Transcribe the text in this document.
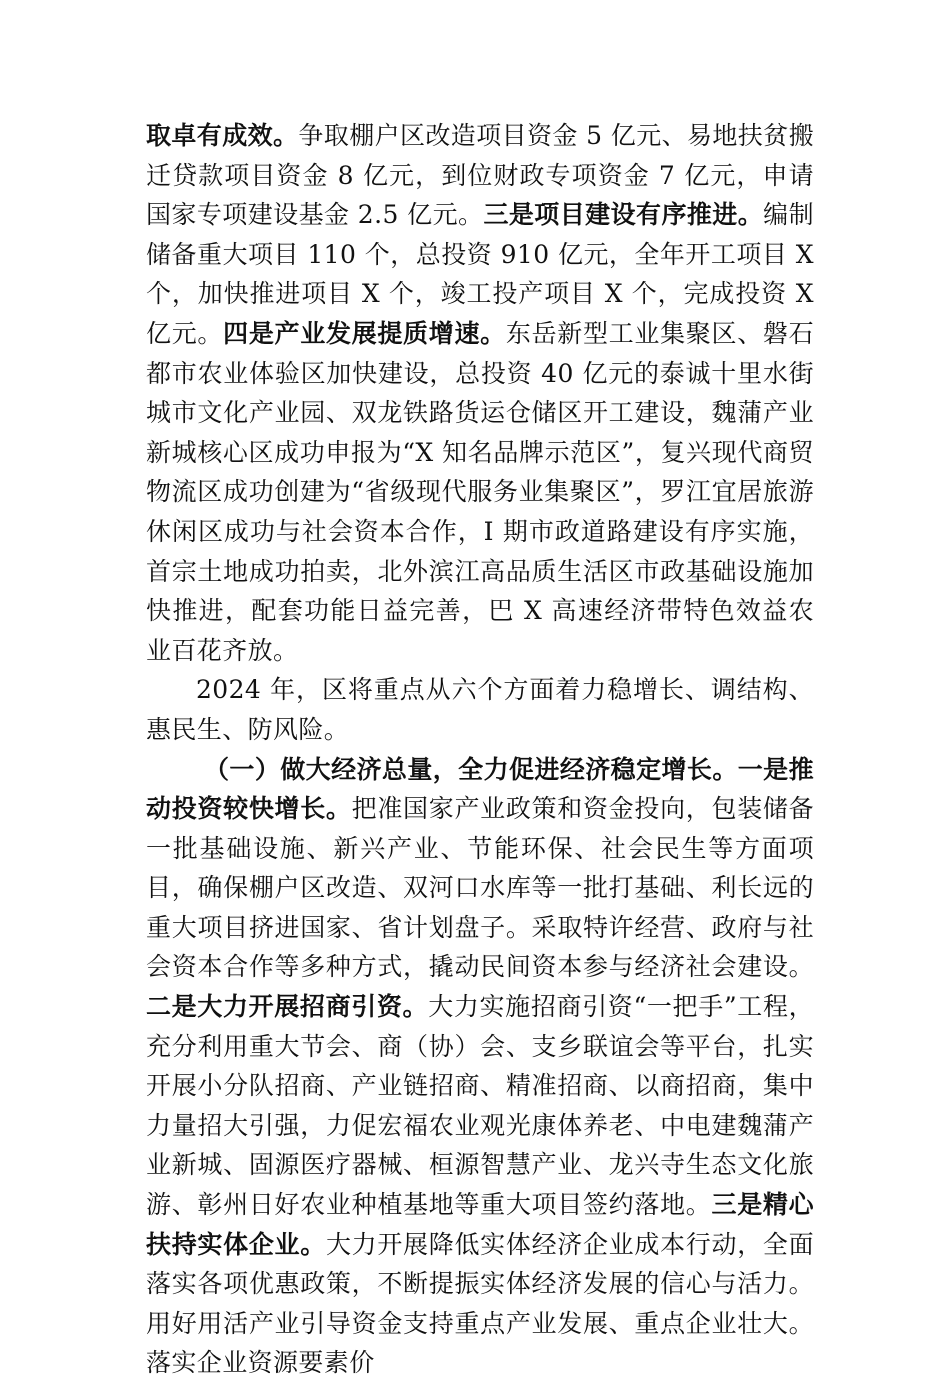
取卓有成效。争取棚户区改造项目资金 5 亿元、易地扶贫搬迁贷款项目资金 8 亿元，到位财政专项资金 7 亿元，申请国家专项建设基金 2.5 亿元。三是项目建设有序推进。编制储备重大项目 110 个，总投资 910 亿元，全年开工项目 X 个，加快推进项目 X 个，竣工投产项目 X 个，完成投资 X 亿元。四是产业发展提质增速。东岳新型工业集聚区、磐石都市农业体验区加快建设，总投资 40 亿元的泰诚十里水街城市文化产业园、双龙铁路货运仓储区开工建设，魏蒲产业新城核心区成功申报为“X 知名品牌示范区”，复兴现代商贸物流区成功创建为“省级现代服务业集聚区”，罗江宜居旅游休闲区成功与社会资本合作，I 期市政道路建设有序实施，首宗土地成功拍卖，北外滨江高品质生活区市政基础设施加快推进，配套功能日益完善，巴 X 高速经济带特色效益农业百花齐放。

2024 年，区将重点从六个方面着力稳增长、调结构、惠民生、防风险。

（一）做大经济总量，全力促进经济稳定增长。一是推动投资较快增长。把准国家产业政策和资金投向，包装储备一批基础设施、新兴产业、节能环保、社会民生等方面项目，确保棚户区改造、双河口水库等一批打基础、利长远的重大项目挤进国家、省计划盘子。采取特许经营、政府与社会资本合作等多种方式，撬动民间资本参与经济社会建设。二是大力开展招商引资。大力实施招商引资“一把手”工程，充分利用重大节会、商（协）会、支乡联谊会等平台，扎实开展小分队招商、产业链招商、精准招商、以商招商，集中力量招大引强，力促宏福农业观光康体养老、中电建魏蒲产业新城、固源医疗器械、桓源智慧产业、龙兴寺生态文化旅游、彰州日好农业种植基地等重大项目签约落地。三是精心扶持实体企业。大力开展降低实体经济企业成本行动，全面落实各项优惠政策，不断提振实体经济发展的信心与活力。用好用活产业引导资金支持重点产业发展、重点企业壮大。落实企业资源要素价
